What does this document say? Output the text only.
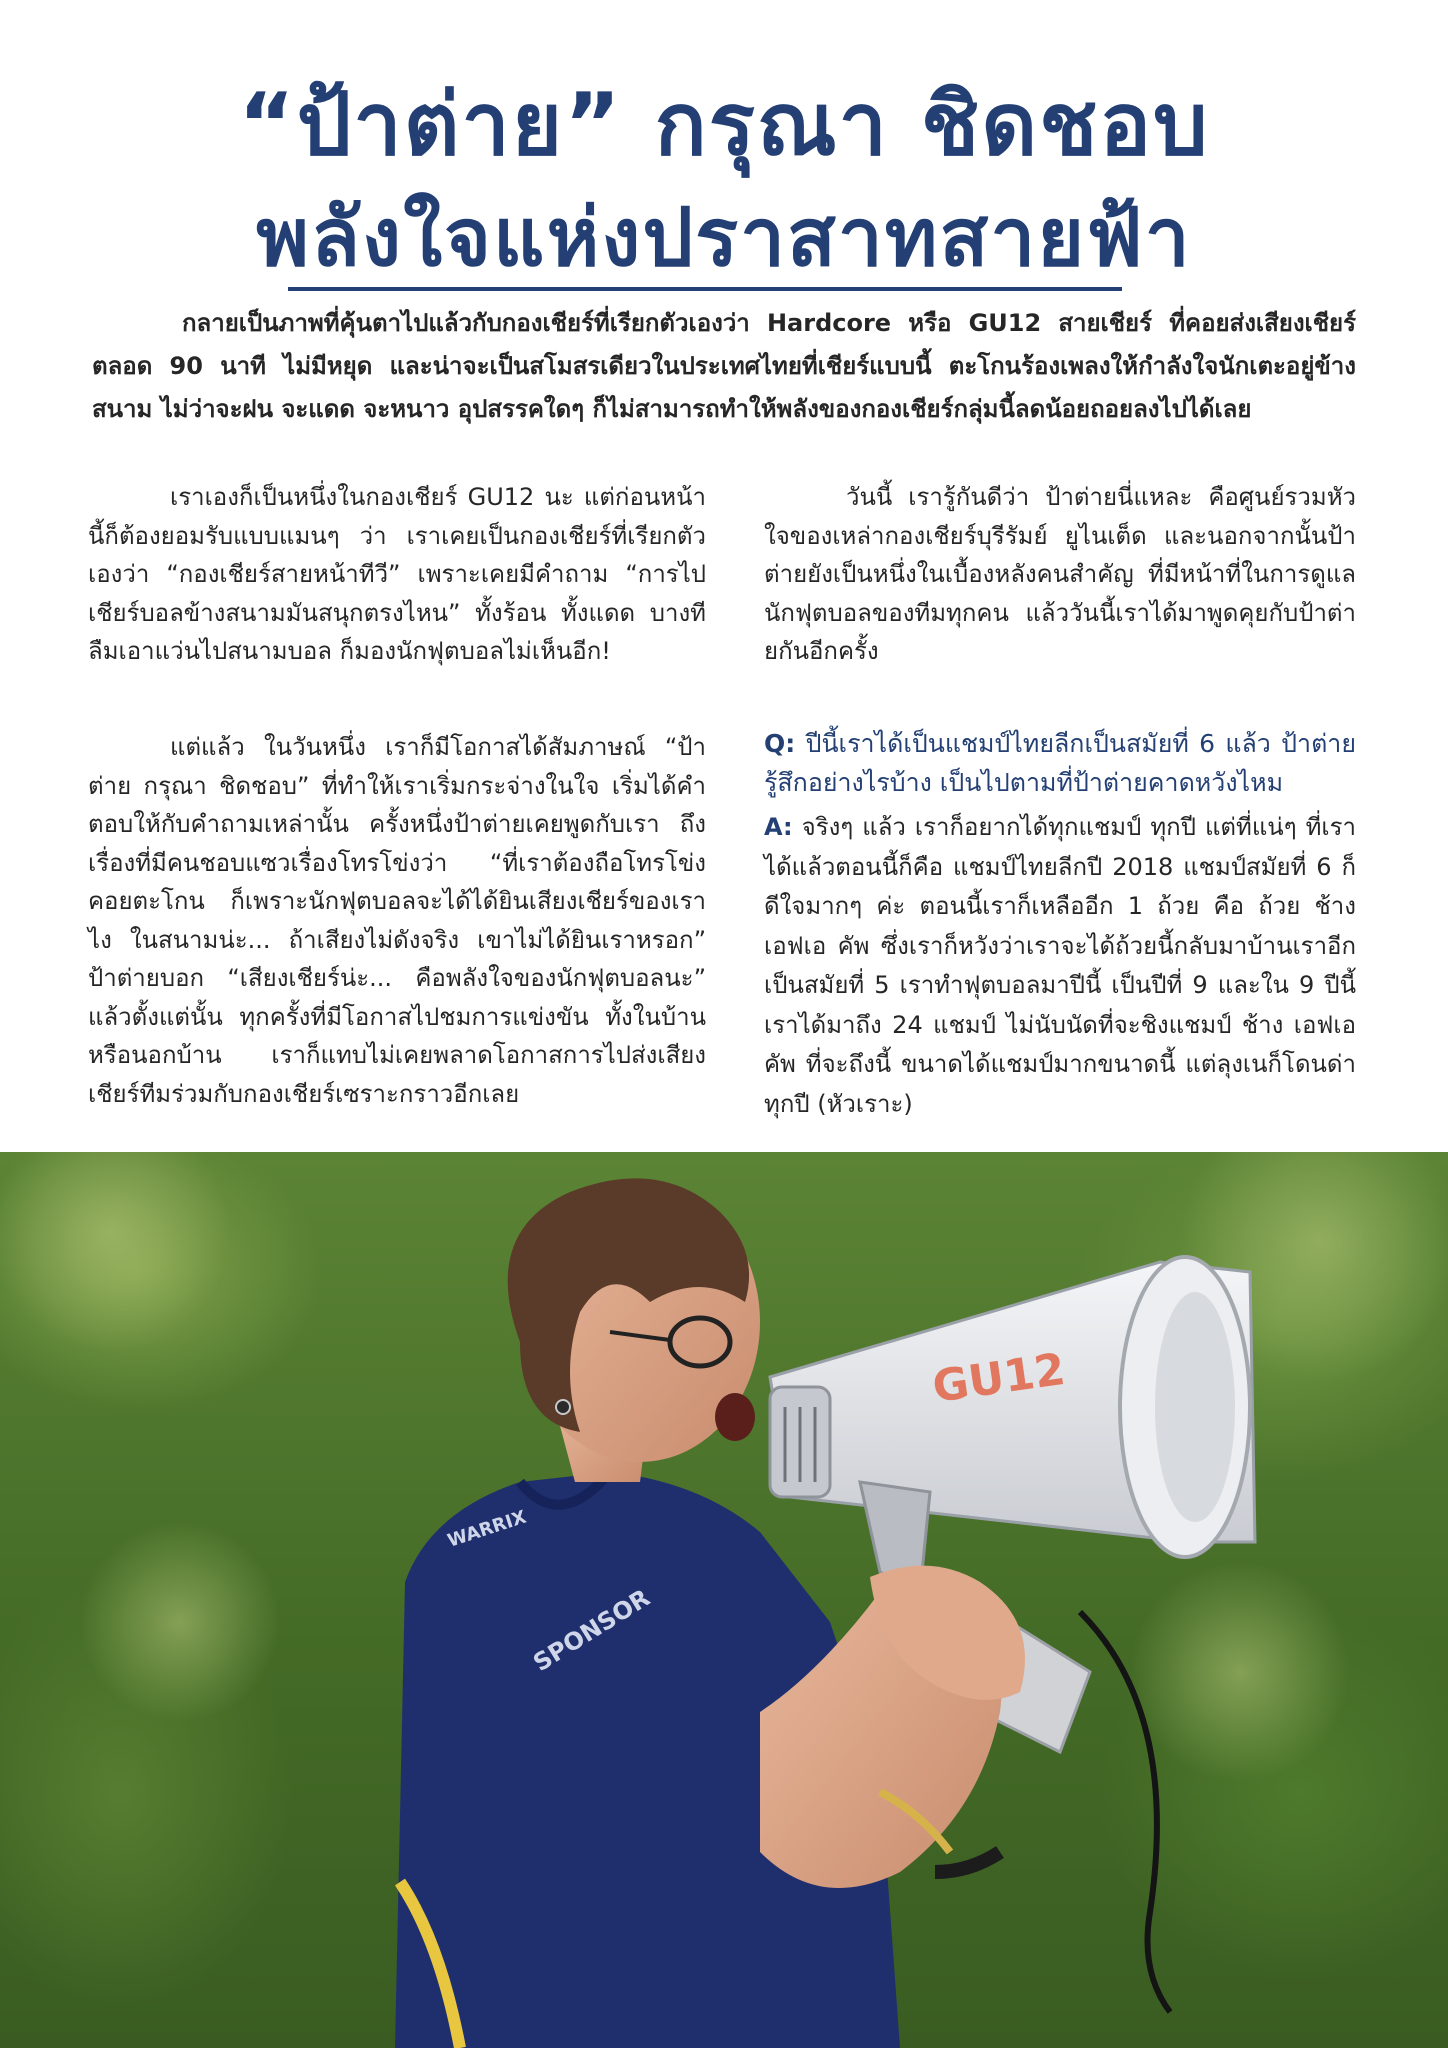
“ป้าต่าย” กรุณา ชิดชอบ
พลังใจแห่งปราสาทสายฟ้า

กลายเป็นภาพที่คุ้นตาไปแล้วกับกองเชียร์ที่เรียกตัวเองว่า Hardcore หรือ GU12 สายเชียร์ ที่คอยส่งเสียงเชียร์ ตลอด 90 นาที ไม่มีหยุด และน่าจะเป็นสโมสรเดียวในประเทศไทยที่เชียร์แบบนี้ ตะโกนร้องเพลงให้กำลังใจนักเตะอยู่ข้างสนาม ไม่ว่าจะฝน จะแดด จะหนาว อุปสรรคใดๆ ก็ไม่สามารถทำให้พลังของกองเชียร์กลุ่มนี้ลดน้อยถอยลงไปได้เลย

เราเองก็เป็นหนึ่งในกองเชียร์ GU12 นะ แต่ก่อนหน้านี้ก็ต้องยอมรับแบบแมนๆ ว่า เราเคยเป็นกองเชียร์ที่เรียกตัวเองว่า “กองเชียร์สายหน้าทีวี” เพราะเคยมีคำถาม “การไปเชียร์บอลข้างสนามมันสนุกตรงไหน” ทั้งร้อน ทั้งแดด บางทีลืมเอาแว่นไปสนามบอล ก็มองนักฟุตบอลไม่เห็นอีก!

แต่แล้ว ในวันหนึ่ง เราก็มีโอกาสได้สัมภาษณ์ “ป้าต่าย กรุณา ชิดชอบ” ที่ทำให้เราเริ่มกระจ่างในใจ เริ่มได้คำตอบให้กับคำถามเหล่านั้น ครั้งหนึ่งป้าต่ายเคยพูดกับเรา ถึงเรื่องที่มีคนชอบแซวเรื่องโทรโข่งว่า “ที่เราต้องถือโทรโข่งคอยตะโกน ก็เพราะนักฟุตบอลจะได้ได้ยินเสียงเชียร์ของเราไง ในสนามน่ะ... ถ้าเสียงไม่ดังจริง เขาไม่ได้ยินเราหรอก” ป้าต่ายบอก “เสียงเชียร์น่ะ... คือพลังใจของนักฟุตบอลนะ” แล้วตั้งแต่นั้น ทุกครั้งที่มีโอกาสไปชมการแข่งขัน ทั้งในบ้าน หรือนอกบ้าน เราก็แทบไม่เคยพลาดโอกาสการไปส่งเสียงเชียร์ทีมร่วมกับกองเชียร์เซราะกราวอีกเลย

วันนี้ เรารู้กันดีว่า ป้าต่ายนี่แหละ คือศูนย์รวมหัวใจของเหล่ากองเชียร์บุรีรัมย์ ยูไนเต็ด และนอกจากนั้นป้าต่ายยังเป็นหนึ่งในเบื้องหลังคนสำคัญ ที่มีหน้าที่ในการดูแลนักฟุตบอลของทีมทุกคน แล้ววันนี้เราได้มาพูดคุยกับป้าต่ายกันอีกครั้ง

Q: ปีนี้เราได้เป็นแชมป์ไทยลีกเป็นสมัยที่ 6 แล้ว ป้าต่ายรู้สึกอย่างไรบ้าง เป็นไปตามที่ป้าต่ายคาดหวังไหม

A: จริงๆ แล้ว เราก็อยากได้ทุกแชมป์ ทุกปี แต่ที่แน่ๆ ที่เราได้แล้วตอนนี้ก็คือ แชมป์ไทยลีกปี 2018 แชมป์สมัยที่ 6 ก็ดีใจมากๆ ค่ะ ตอนนี้เราก็เหลืออีก 1 ถ้วย คือ ถ้วย ช้าง เอฟเอ คัพ ซึ่งเราก็หวังว่าเราจะได้ถ้วยนี้กลับมาบ้านเราอีกเป็นสมัยที่ 5 เราทำฟุตบอลมาปีนี้ เป็นปีที่ 9 และใน 9 ปีนี้ เราได้มาถึง 24 แชมป์ ไม่นับนัดที่จะชิงแชมป์ ช้าง เอฟเอ คัพ ที่จะถึงนี้ ขนาดได้แชมป์มากขนาดนี้ แต่ลุงเนก็โดนด่าทุกปี (หัวเราะ)

WARRIX
SPONSOR
GU12
